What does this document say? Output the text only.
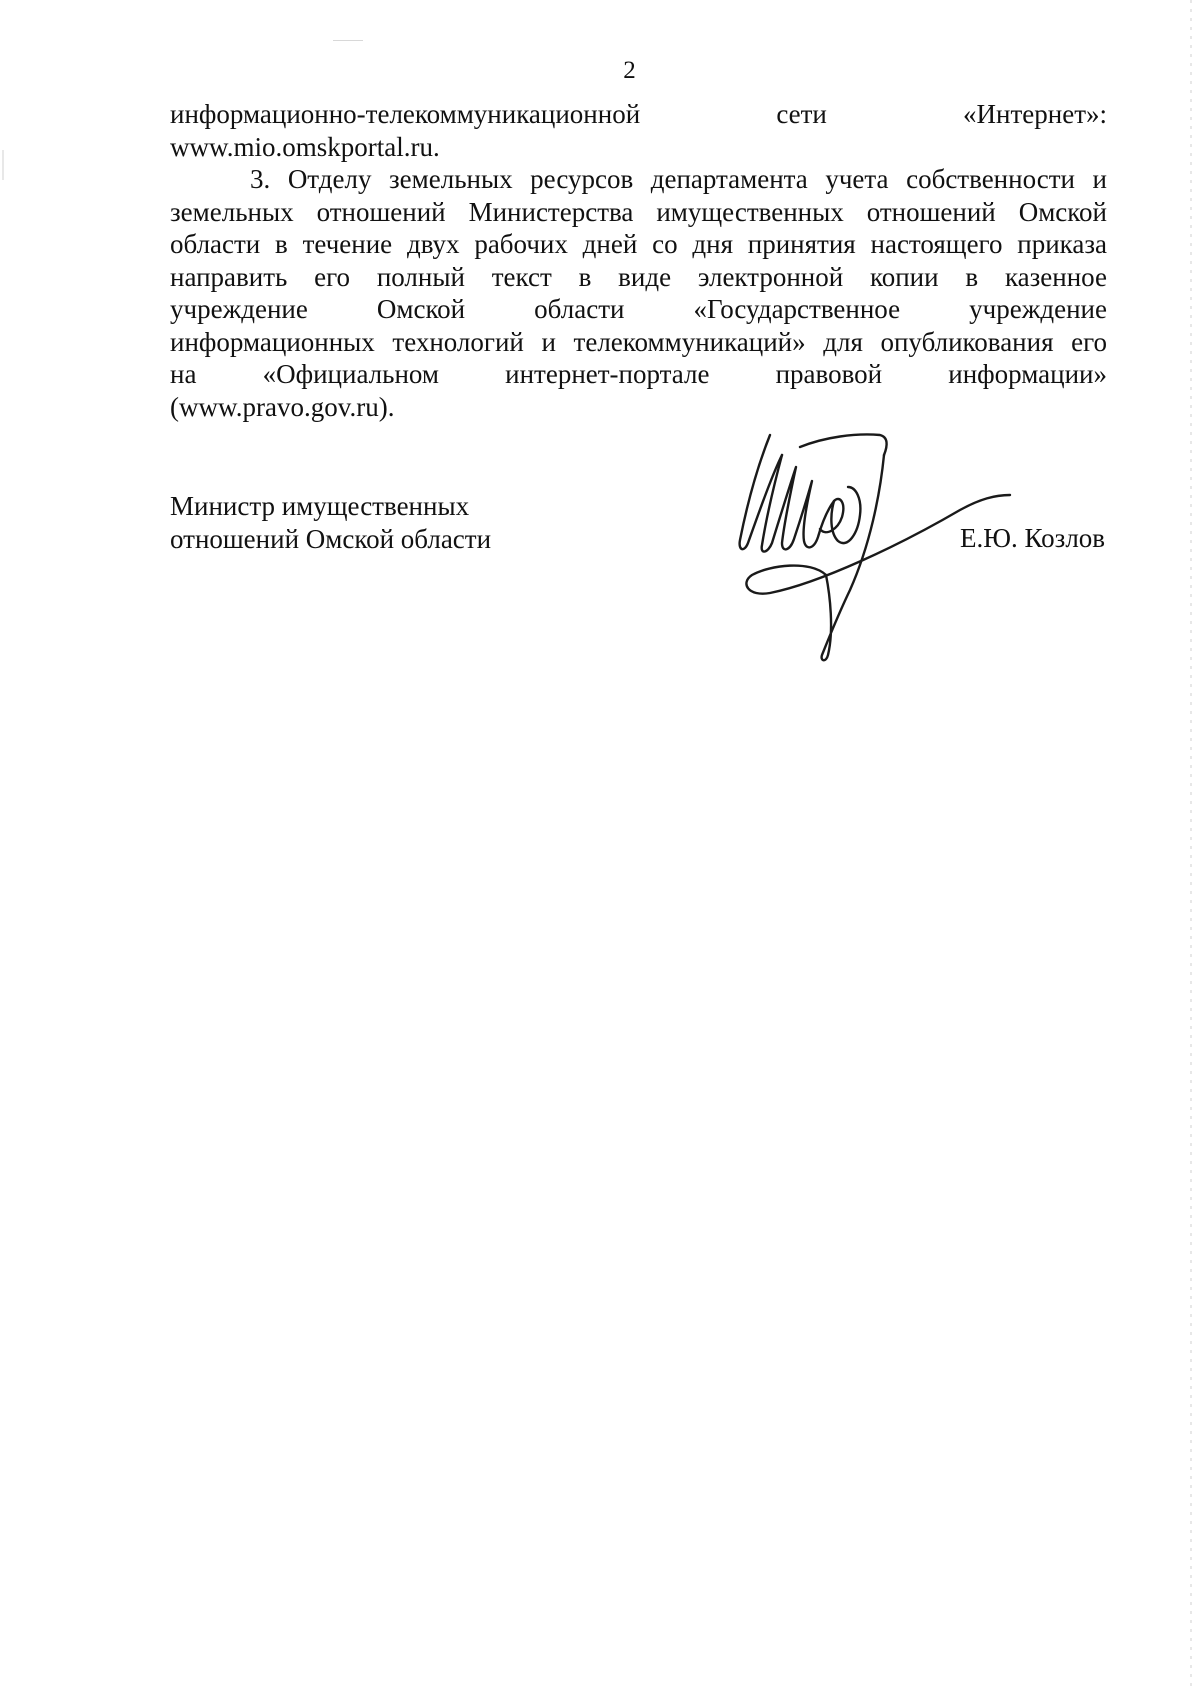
2
информационно-телекоммуникационной	сети	«Интернет»:
www.mio.omskportal.ru.
3. Отделу земельных ресурсов департамента учета собственности и
земельных отношений Министерства имущественных отношений Омской
области в течение двух рабочих дней со дня принятия настоящего приказа
направить его полный текст в виде электронной копии в казенное
учреждение Омской области «Государственное учреждение
информационных технологий и телекоммуникаций» для опубликования его
на «Официальном интернет-портале правовой информации»
(www.pravo.gov.ru).
Министр имущественных
отношений Омской области	Е.Ю. Козлов
